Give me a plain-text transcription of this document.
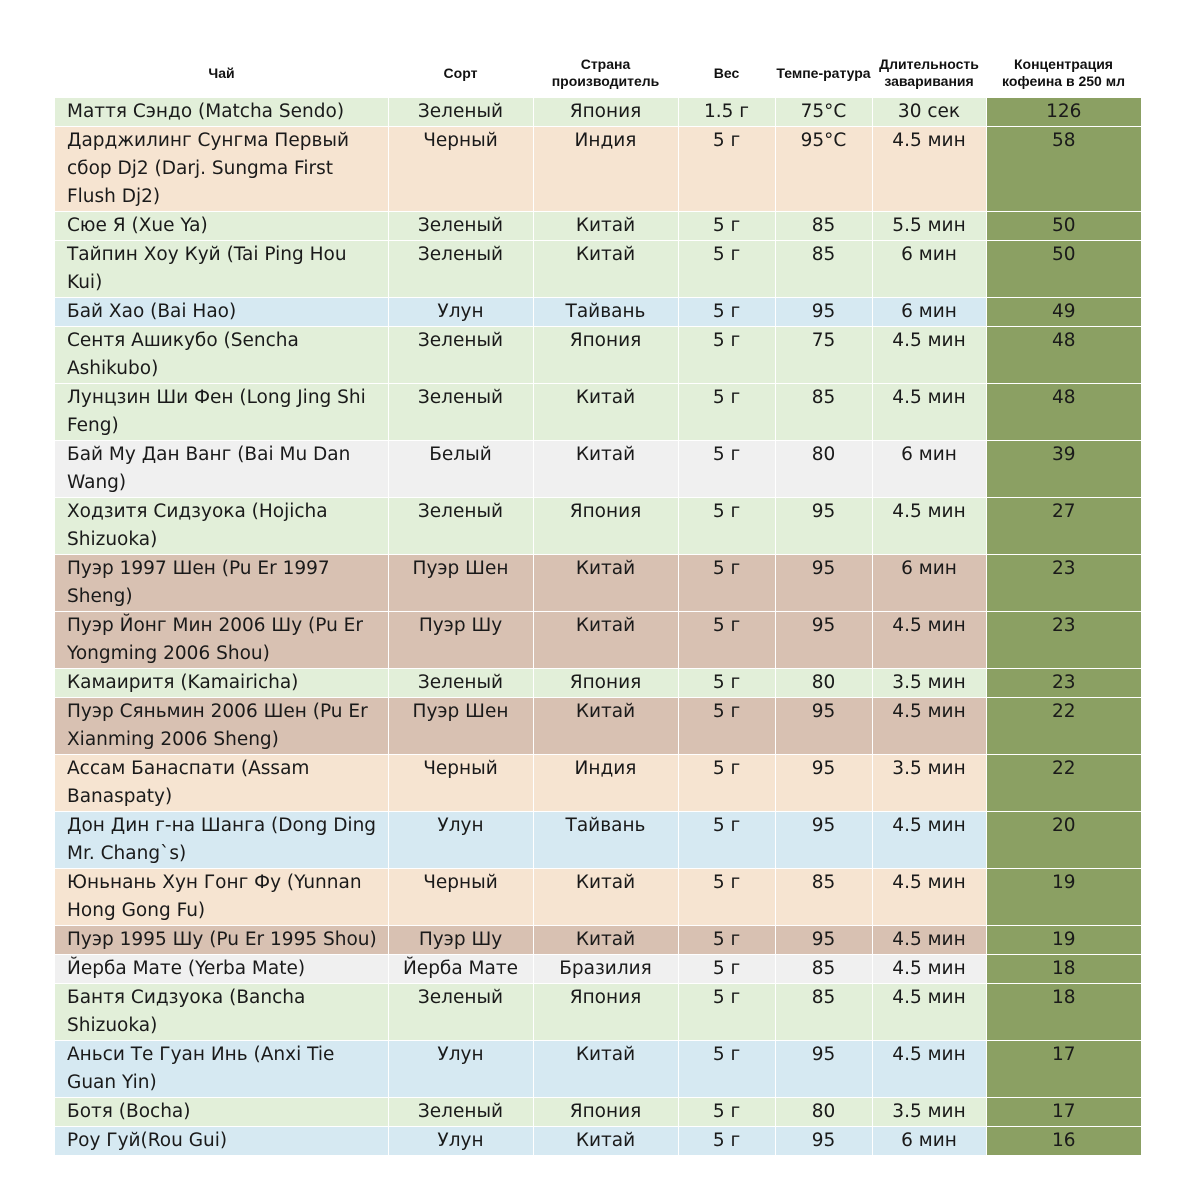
Чай	Сорт	Страна производитель	Вес	Темпе-ратура	Длительность заваривания	Концентрация кофеина в 250 мл
Маття Сэндо (Matcha Sendo)	Зеленый	Япония	1.5 г	75°C	30 сек	126
Дарджилинг Сунгма Первый сбор Dj2 (Darj. Sungma First Flush Dj2)	Черный	Индия	5 г	95°C	4.5 мин	58
Сюе Я (Xue Ya)	Зеленый	Китай	5 г	85	5.5 мин	50
Тайпин Хоу Куй (Tai Ping Hou Kui)	Зеленый	Китай	5 г	85	6 мин	50
Бай Хао (Bai Hao)	Улун	Тайвань	5 г	95	6 мин	49
Сентя Ашикубо (Sencha Ashikubo)	Зеленый	Япония	5 г	75	4.5 мин	48
Лунцзин Ши Фен (Long Jing Shi Feng)	Зеленый	Китай	5 г	85	4.5 мин	48
Бай Му Дан Ванг (Bai Mu Dan Wang)	Белый	Китай	5 г	80	6 мин	39
Ходзитя Сидзуока (Hojicha Shizuoka)	Зеленый	Япония	5 г	95	4.5 мин	27
Пуэр 1997 Шен (Pu Er 1997 Sheng)	Пуэр Шен	Китай	5 г	95	6 мин	23
Пуэр Йонг Мин 2006 Шу (Pu Er Yongming 2006 Shou)	Пуэр Шу	Китай	5 г	95	4.5 мин	23
Камаиритя (Kamairicha)	Зеленый	Япония	5 г	80	3.5 мин	23
Пуэр Сяньмин 2006 Шен (Pu Er Xianming 2006 Sheng)	Пуэр Шен	Китай	5 г	95	4.5 мин	22
Ассам Банаспати (Assam Banaspaty)	Черный	Индия	5 г	95	3.5 мин	22
Дон Дин г-на Шанга (Dong Ding Mr. Chang`s)	Улун	Тайвань	5 г	95	4.5 мин	20
Юньнань Хун Гонг Фу (Yunnan Hong Gong Fu)	Черный	Китай	5 г	85	4.5 мин	19
Пуэр 1995 Шу (Pu Er 1995 Shou)	Пуэр Шу	Китай	5 г	95	4.5 мин	19
Йерба Мате (Yerba Mate)	Йерба Мате	Бразилия	5 г	85	4.5 мин	18
Бантя Сидзуока (Bancha Shizuoka)	Зеленый	Япония	5 г	85	4.5 мин	18
Аньси Те Гуан Инь (Anxi Tie Guan Yin)	Улун	Китай	5 г	95	4.5 мин	17
Ботя (Bocha)	Зеленый	Япония	5 г	80	3.5 мин	17
Роу Гуй(Rou Gui)	Улун	Китай	5 г	95	6 мин	16
